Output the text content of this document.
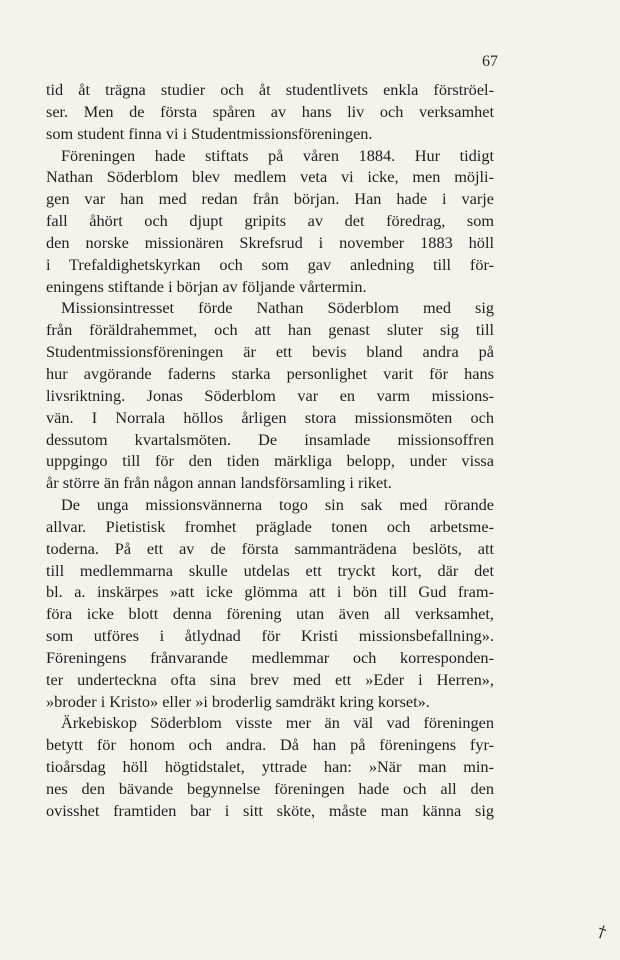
67

tid åt trägna studier och åt studentlivets enkla förströel-
ser. Men de första spåren av hans liv och verksamhet
som student finna vi i Studentmissionsföreningen.
Föreningen hade stiftats på våren 1884. Hur tidigt
Nathan Söderblom blev medlem veta vi icke, men möjli-
gen var han med redan från början. Han hade i varje
fall åhört och djupt gripits av det föredrag, som
den norske missionären Skrefsrud i november 1883 höll
i Trefaldighetskyrkan och som gav anledning till för-
eningens stiftande i början av följande vårtermin.
Missionsintresset förde Nathan Söderblom med sig
från föräldrahemmet, och att han genast sluter sig till
Studentmissionsföreningen är ett bevis bland andra på
hur avgörande faderns starka personlighet varit för hans
livsriktning. Jonas Söderblom var en varm missions-
vän. I Norrala höllos årligen stora missionsmöten och
dessutom kvartalsmöten. De insamlade missionsoffren
uppgingo till för den tiden märkliga belopp, under vissa
år större än från någon annan landsförsamling i riket.
De unga missionsvännerna togo sin sak med rörande
allvar. Pietistisk fromhet präglade tonen och arbetsme-
toderna. På ett av de första sammanträdena beslöts, att
till medlemmarna skulle utdelas ett tryckt kort, där det
bl. a. inskärpes »att icke glömma att i bön till Gud fram-
föra icke blott denna förening utan även all verksamhet,
som utföres i åtlydnad för Kristi missionsbefallning».
Föreningens frånvarande medlemmar och korresponden-
ter underteckna ofta sina brev med ett »Eder i Herren»,
»broder i Kristo» eller »i broderlig samdräkt kring korset».
Ärkebiskop Söderblom visste mer än väl vad föreningen
betytt för honom och andra. Då han på föreningens fyr-
tioårsdag höll högtidstalet, yttrade han: »När man min-
nes den bävande begynnelse föreningen hade och all den
ovisshet framtiden bar i sitt sköte, måste man känna sig
†
